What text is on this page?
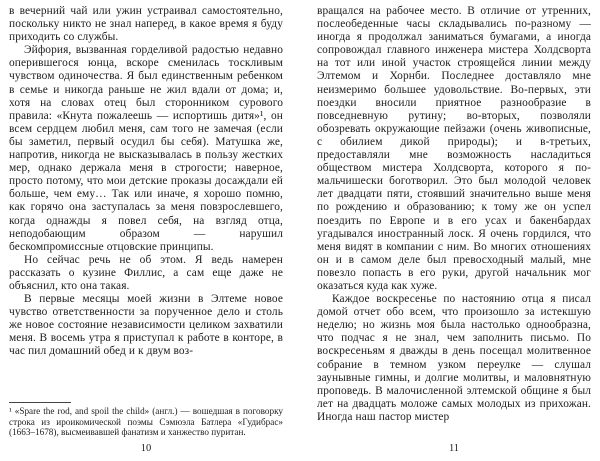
в вечерний чай или ужин устраивал самостоятельно, поскольку никто не знал наперед, в какое время я буду приходить со службы.

Эйфория, вызванная горделивой радостью недавно оперившегося юнца, вскоре сменилась тоскливым чувством одиночества. Я был единственным ребенком в семье и никогда раньше не жил вдали от дома; и, хотя на словах отец был сторонником сурового правила: «Кнута пожалеешь — испортишь дитя»¹, он всем сердцем любил меня, сам того не замечая (если бы заметил, первый осудил бы себя). Матушка же, напротив, никогда не высказывалась в пользу жестких мер, однако держала меня в строгости; наверное, просто потому, что мои детские проказы досаждали ей больше, чем ему… Так или иначе, я хорошо помню, как горячо она заступалась за меня повзрослевшего, когда однажды я повел себя, на взгляд отца, неподобающим образом — нарушил бескомпромиссные отцовские принципы.

Но сейчас речь не об этом. Я ведь намерен рассказать о кузине Филлис, а сам еще даже не объяснил, кто она такая.

В первые месяцы моей жизни в Элтеме новое чувство ответственности за порученное дело и столь же новое состояние независимости целиком захватили меня. В восемь утра я приступал к работе в конторе, в час пил домашний обед и к двум воз-

¹ «Spare the rod, and spoil the child» (англ.) — вошедшая в поговорку строка из ироикомической поэмы Сэмюэла Батлера «Гудибрас» (1663–1678), высмеивавшей фанатизм и ханжество пуритан.

10

вращался на рабочее место. В отличие от утренних, послеобеденные часы складывались по-разному — иногда я продолжал заниматься бумагами, а иногда сопровождал главного инженера мистера Холдсворта на тот или иной участок строящейся линии между Элтемом и Хорнби. Последнее доставляло мне неизмеримо большее удовольствие. Во-первых, эти поездки вносили приятное разнообразие в повседневную рутину; во-вторых, позволяли обозревать окружающие пейзажи (очень живописные, с обилием дикой природы); и в-третьих, предоставляли мне возможность насладиться обществом мистера Холдсворта, которого я по-мальчишески боготворил. Это был молодой человек лет двадцати пяти, стоявший значительно выше меня по рождению и образованию; к тому же он успел поездить по Европе и в его усах и бакенбардах угадывался иностранный лоск. Я очень гордился, что меня видят в компании с ним. Во многих отношениях он и в самом деле был превосходный малый, мне повезло попасть в его руки, другой начальник мог оказаться куда как хуже.

Каждое воскресенье по настоянию отца я писал домой отчет обо всем, что произошло за истекшую неделю; но жизнь моя была настолько однообразна, что подчас я не знал, чем заполнить письмо. По воскресеньям я дважды в день посещал молитвенное собрание в темном узком переулке — слушал заунывные гимны, и долгие молитвы, и маловнятную проповедь. В малочисленной элтемской общине я был лет на двадцать моложе самых молодых из прихожан. Иногда наш пастор мистер

11
